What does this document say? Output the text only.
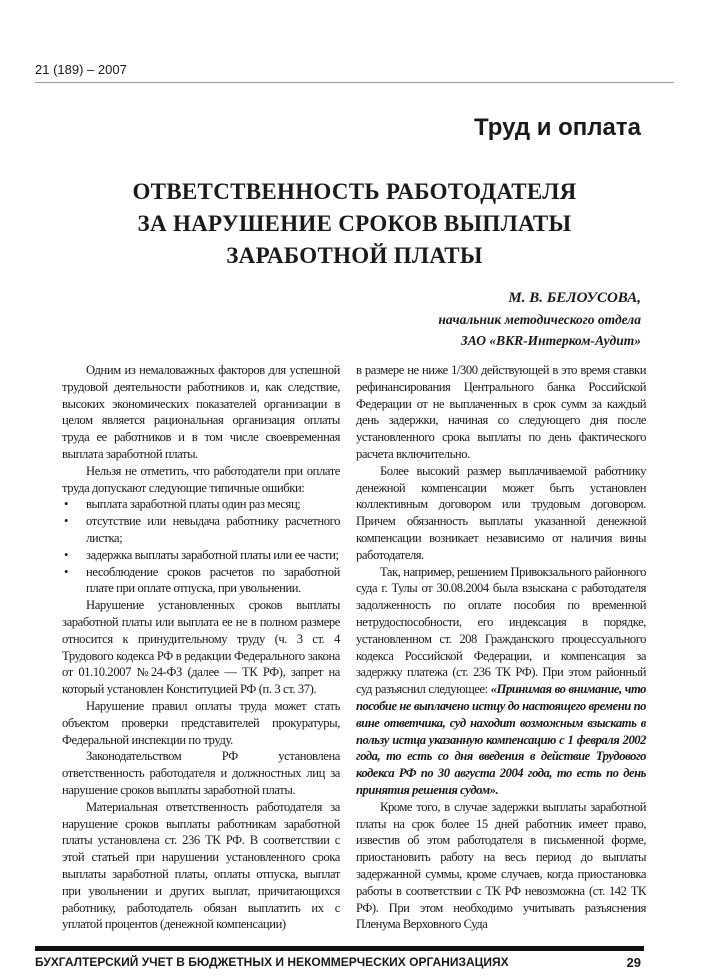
21 (189) – 2007
Труд и оплата
ОТВЕТСТВЕННОСТЬ РАБОТОДАТЕЛЯ
ЗА НАРУШЕНИЕ СРОКОВ ВЫПЛАТЫ
ЗАРАБОТНОЙ ПЛАТЫ
М. В. БЕЛОУСОВА,
начальник методического отдела
ЗАО «BKR-Интерком-Аудит»

Одним из немаловажных факторов для успешной трудовой деятельности работников и, как следствие, высоких экономических показателей организации в целом является рациональная организация оплаты труда ее работников и в том числе своевременная выплата заработной платы.

Нельзя не отметить, что работодатели при оплате труда допускают следующие типичные ошибки:

• выплата заработной платы один раз месяц;
• отсутствие или невыдача работнику расчетного листка;
• задержка выплаты заработной платы или ее части;
• несоблюдение сроков расчетов по заработной плате при оплате отпуска, при увольнении.

Нарушение установленных сроков выплаты заработной платы или выплата ее не в полном размере относится к принудительному труду (ч. 3 ст. 4 Трудового кодекса РФ в редакции Федерального закона от 01.10.2007 №24-ФЗ (далее — ТК РФ), запрет на который установлен Конституцией РФ (п. 3 ст. 37).

Нарушение правил оплаты труда может стать объектом проверки представителей прокуратуры, Федеральной инспекции по труду.

Законодательством РФ установлена ответственность работодателя и должностных лиц за нарушение сроков выплаты заработной платы.

Материальная ответственность работодателя за нарушение сроков выплаты работникам заработной платы установлена ст. 236 ТК РФ. В соответствии с этой статьей при нарушении установленного срока выплаты заработной платы, оплаты отпуска, выплат при увольнении и других выплат, причитающихся работнику, работодатель обязан выплатить их с уплатой процентов (денежной компенсации)

в размере не ниже 1/300 действующей в это время ставки рефинансирования Центрального банка Российской Федерации от не выплаченных в срок сумм за каждый день задержки, начиная со следующего дня после установленного срока выплаты по день фактического расчета включительно.

Более высокий размер выплачиваемой работнику денежной компенсации может быть установлен коллективным договором или трудовым договором. Причем обязанность выплаты указанной денежной компенсации возникает независимо от наличия вины работодателя.

Так, например, решением Привокзального районного суда г. Тулы от 30.08.2004 была взыскана с работодателя задолженность по оплате пособия по временной нетрудоспособности, его индексация в порядке, установленном ст. 208 Гражданского процессуального кодекса Российской Федерации, и компенсация за задержку платежа (ст. 236 ТК РФ). При этом районный суд разъяснил следующее: «Принимая во внимание, что пособие не выплачено истцу до настоящего времени по вине ответчика, суд находит возможным взыскать в пользу истца указанную компенсацию с 1 февраля 2002 года, то есть со дня введения в действие Трудового кодекса РФ по 30 августа 2004 года, то есть по день принятия решения судом».

Кроме того, в случае задержки выплаты заработной платы на срок более 15 дней работник имеет право, известив об этом работодателя в письменной форме, приостановить работу на весь период до выплаты задержанной суммы, кроме случаев, когда приостановка работы в соответствии с ТК РФ невозможна (ст. 142 ТК РФ). При этом необходимо учитывать разъяснения Пленума Верховного Суда

БУХГАЛТЕРСКИЙ УЧЕТ В БЮДЖЕТНЫХ И НЕКОММЕРЧЕСКИХ ОРГАНИЗАЦИЯХ	29
